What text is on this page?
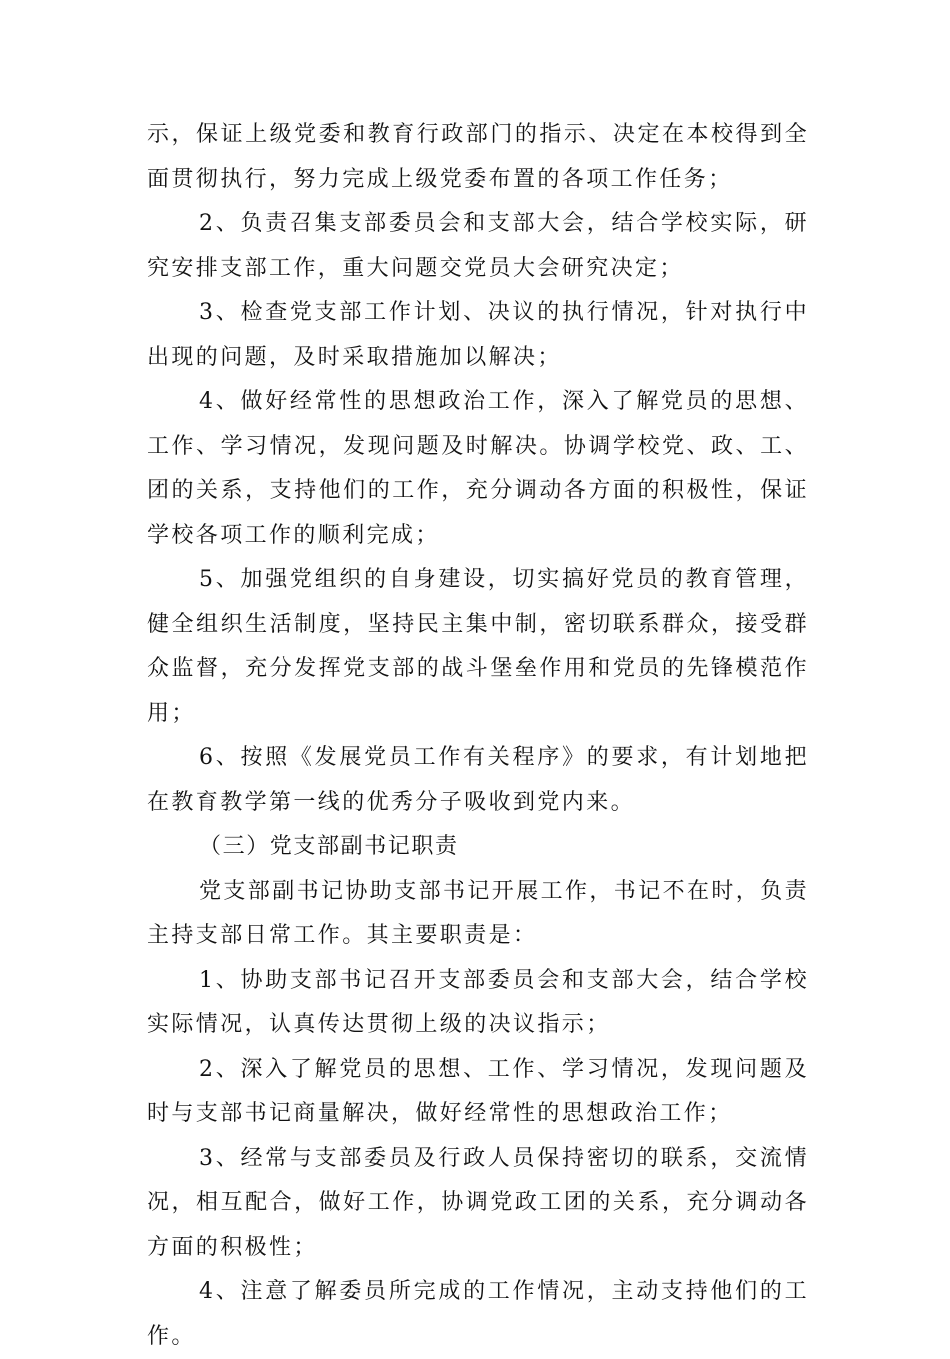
示，保证上级党委和教育行政部门的指示、决定在本校得到全面贯彻执行，努力完成上级党委布置的各项工作任务；

2、负责召集支部委员会和支部大会，结合学校实际，研究安排支部工作，重大问题交党员大会研究决定；

3、检查党支部工作计划、决议的执行情况，针对执行中出现的问题，及时采取措施加以解决；

4、做好经常性的思想政治工作，深入了解党员的思想、工作、学习情况，发现问题及时解决。协调学校党、政、工、团的关系，支持他们的工作，充分调动各方面的积极性，保证学校各项工作的顺利完成；

5、加强党组织的自身建设，切实搞好党员的教育管理，健全组织生活制度，坚持民主集中制，密切联系群众，接受群众监督，充分发挥党支部的战斗堡垒作用和党员的先锋模范作用；

6、按照《发展党员工作有关程序》的要求，有计划地把在教育教学第一线的优秀分子吸收到党内来。

（三）党支部副书记职责

党支部副书记协助支部书记开展工作，书记不在时，负责主持支部日常工作。其主要职责是：

1、协助支部书记召开支部委员会和支部大会，结合学校实际情况，认真传达贯彻上级的决议指示；

2、深入了解党员的思想、工作、学习情况，发现问题及时与支部书记商量解决，做好经常性的思想政治工作；

3、经常与支部委员及行政人员保持密切的联系，交流情况，相互配合，做好工作，协调党政工团的关系，充分调动各方面的积极性；

4、注意了解委员所完成的工作情况，主动支持他们的工作。
